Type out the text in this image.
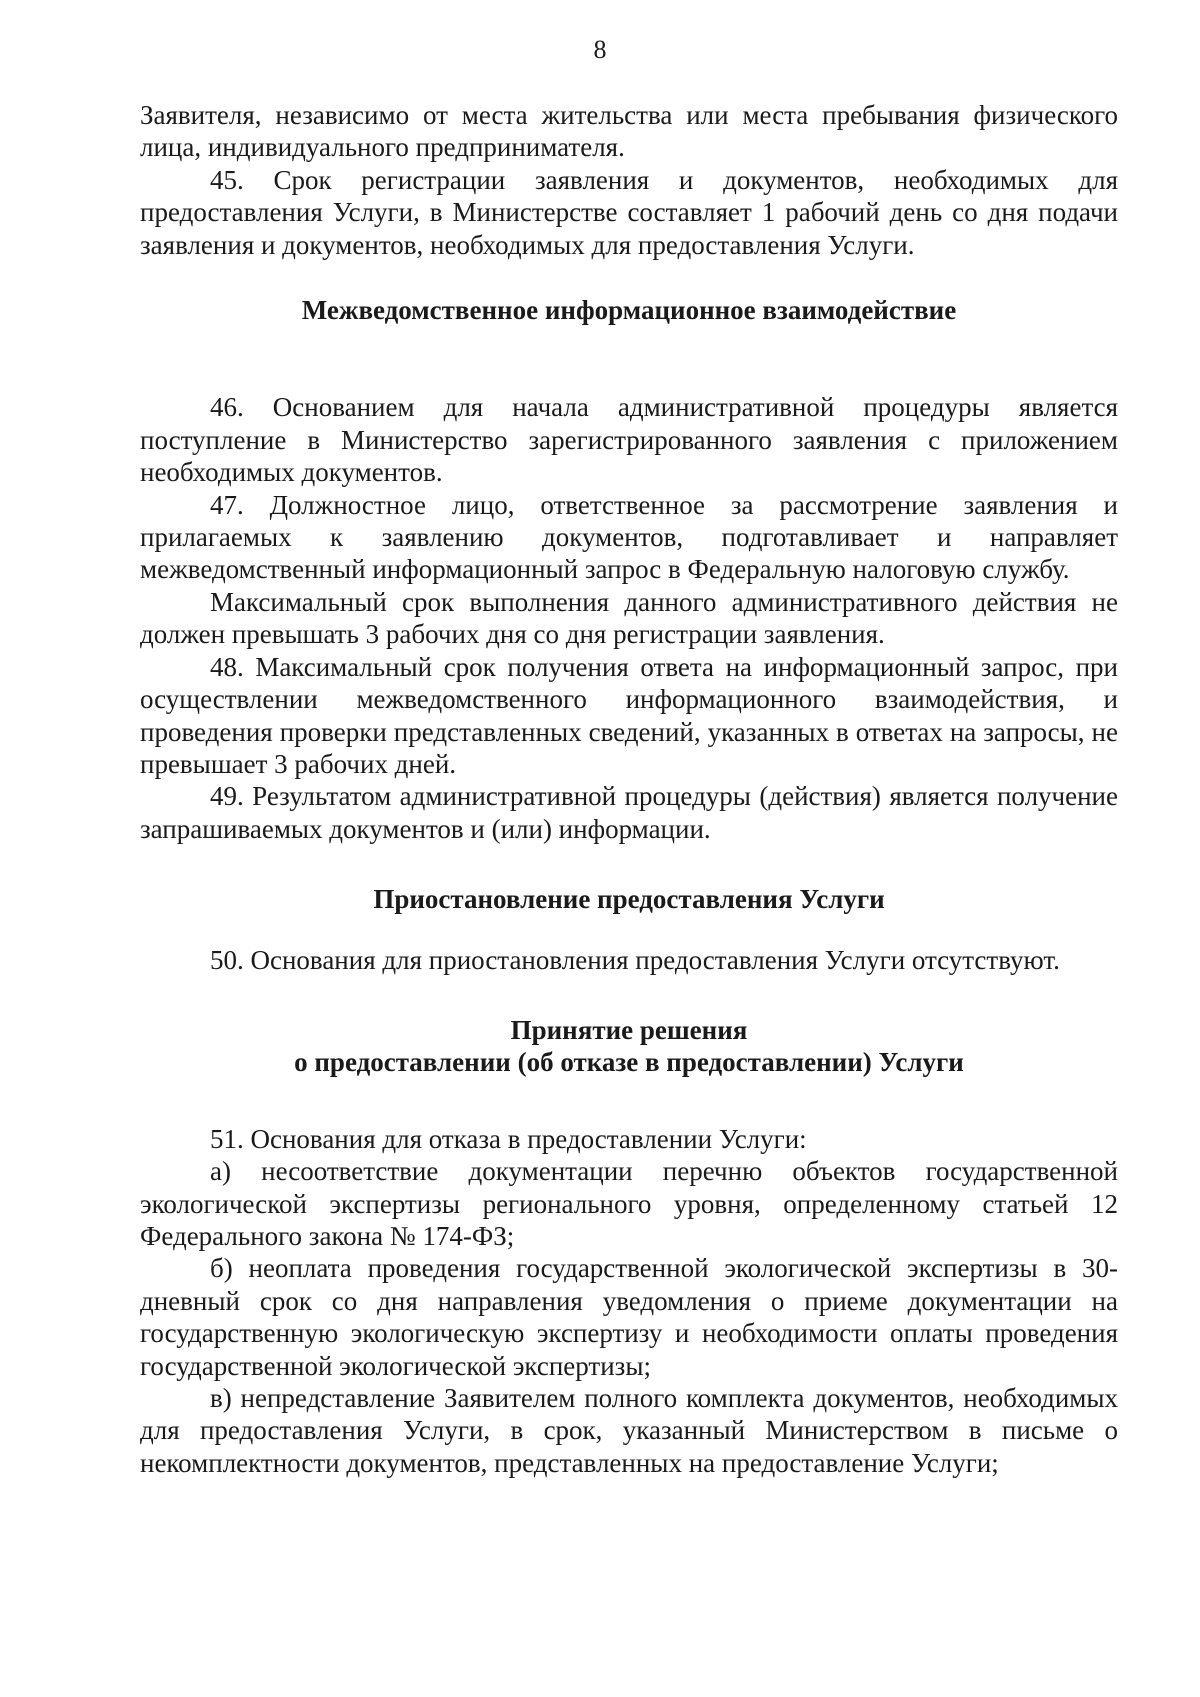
8

Заявителя, независимо от места жительства или места пребывания физического лица, индивидуального предпринимателя.

45. Срок регистрации заявления и документов, необходимых для предоставления Услуги, в Министерстве составляет 1 рабочий день со дня подачи заявления и документов, необходимых для предоставления Услуги.

Межведомственное информационное взаимодействие

46. Основанием для начала административной процедуры является поступление в Министерство зарегистрированного заявления с приложением необходимых документов.

47. Должностное лицо, ответственное за рассмотрение заявления и прилагаемых к заявлению документов, подготавливает и направляет межведомственный информационный запрос в Федеральную налоговую службу.

Максимальный срок выполнения данного административного действия не должен превышать 3 рабочих дня со дня регистрации заявления.

48. Максимальный срок получения ответа на информационный запрос, при осуществлении межведомственного информационного взаимодействия, и проведения проверки представленных сведений, указанных в ответах на запросы, не превышает 3 рабочих дней.

49. Результатом административной процедуры (действия) является получение запрашиваемых документов и (или) информации.

Приостановление предоставления Услуги

50. Основания для приостановления предоставления Услуги отсутствуют.

Принятие решения
о предоставлении (об отказе в предоставлении) Услуги

51. Основания для отказа в предоставлении Услуги:

а) несоответствие документации перечню объектов государственной экологической экспертизы регионального уровня, определенному статьей 12 Федерального закона № 174-ФЗ;

б) неоплата проведения государственной экологической экспертизы в 30-дневный срок со дня направления уведомления о приеме документации на государственную экологическую экспертизу и необходимости оплаты проведения государственной экологической экспертизы;

в) непредставление Заявителем полного комплекта документов, необходимых для предоставления Услуги, в срок, указанный Министерством в письме о некомплектности документов, представленных на предоставление Услуги;
